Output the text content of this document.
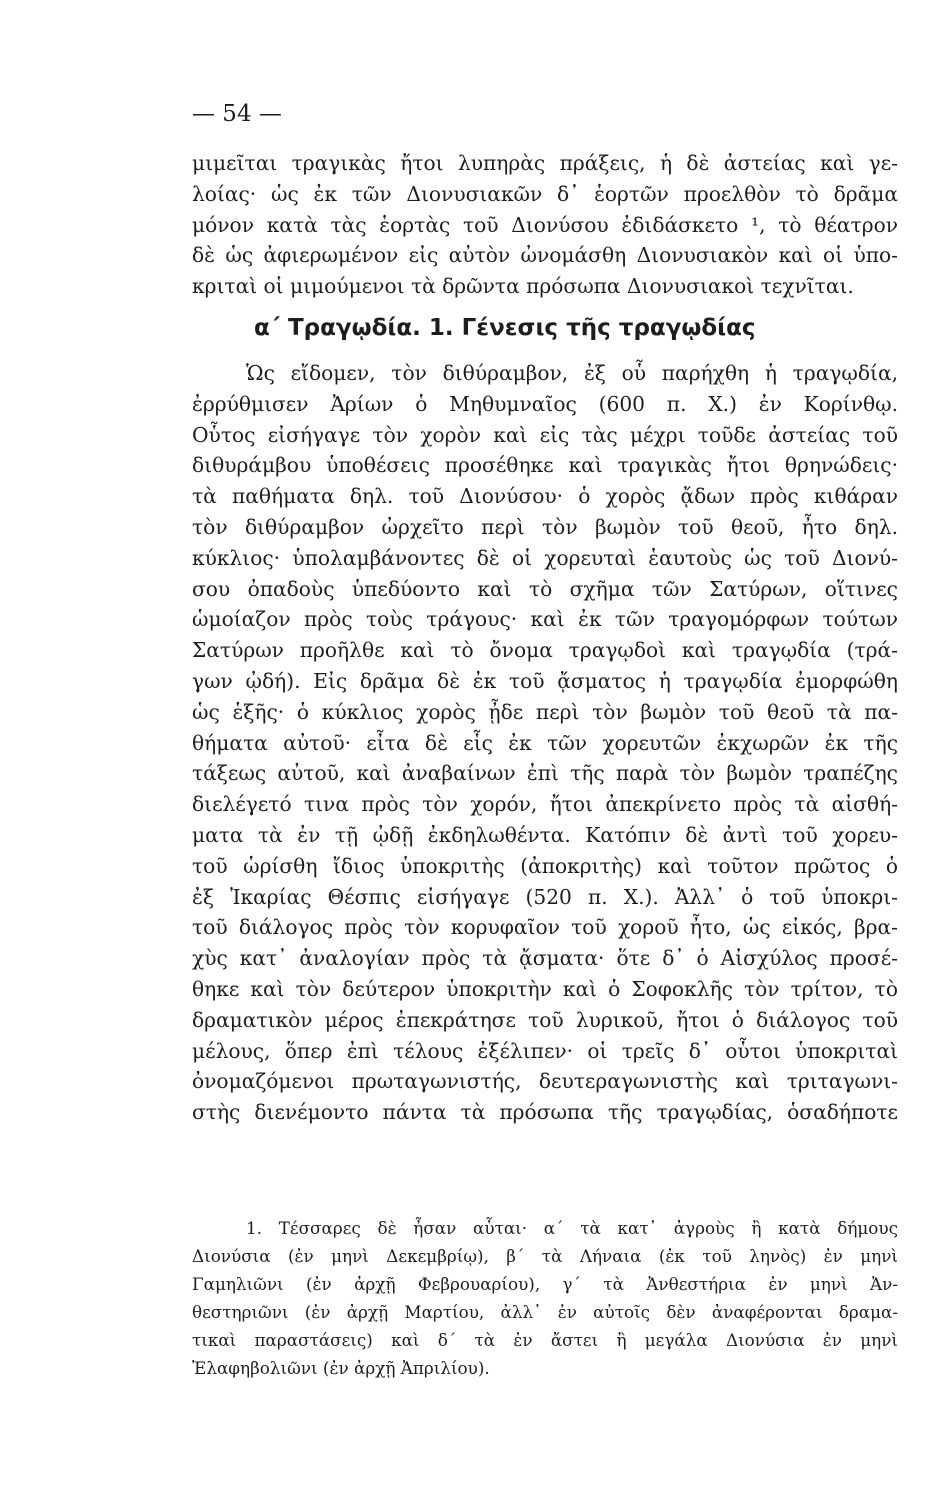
— 54 —
μιμεῖται τραγικὰς ἤτοι λυπηρὰς πράξεις, ἡ δὲ ἀστείας καὶ γε-
λοίας· ὡς ἐκ τῶν Διονυσιακῶν δ᾽ ἑορτῶν προελθὸν τὸ δρᾶμα
μόνον κατὰ τὰς ἑορτὰς τοῦ Διονύσου ἐδιδάσκετο ¹, τὸ θέατρον
δὲ ὡς ἀφιερωμένον εἰς αὐτὸν ὠνομάσθη Διονυσιακὸν καὶ οἱ ὑπο-
κριταὶ οἱ μιμούμενοι τὰ δρῶντα πρόσωπα Διονυσιακοὶ τεχνῖται.
α΄ Τραγῳδία. 1. Γένεσις τῆς τραγῳδίας
Ὡς εἴδομεν, τὸν διθύραμβον, ἐξ οὗ παρήχθη ἡ τραγῳδία,
ἐρρύθμισεν Ἀρίων ὁ Μηθυμναῖος (600 π. Χ.) ἐν Κορίνθῳ.
Οὗτος εἰσήγαγε τὸν χορὸν καὶ εἰς τὰς μέχρι τοῦδε ἀστείας τοῦ
διθυράμβου ὑποθέσεις προσέθηκε καὶ τραγικὰς ἤτοι θρηνώδεις·
τὰ παθήματα δηλ. τοῦ Διονύσου· ὁ χορὸς ᾄδων πρὸς κιθάραν
τὸν διθύραμβον ὠρχεῖτο περὶ τὸν βωμὸν τοῦ θεοῦ, ἦτο δηλ.
κύκλιος· ὑπολαμβάνοντες δὲ οἱ χορευταὶ ἑαυτοὺς ὡς τοῦ Διονύ-
σου ὀπαδοὺς ὑπεδύοντο καὶ τὸ σχῆμα τῶν Σατύρων, οἵτινες
ὡμοίαζον πρὸς τοὺς τράγους· καὶ ἐκ τῶν τραγομόρφων τούτων
Σατύρων προῆλθε καὶ τὸ ὄνομα τραγῳδοὶ καὶ τραγῳδία (τρά-
γων ᾠδή). Εἰς δρᾶμα δὲ ἐκ τοῦ ᾄσματος ἡ τραγῳδία ἐμορφώθη
ὡς ἑξῆς· ὁ κύκλιος χορὸς ᾖδε περὶ τὸν βωμὸν τοῦ θεοῦ τὰ πα-
θήματα αὐτοῦ· εἶτα δὲ εἷς ἐκ τῶν χορευτῶν ἐκχωρῶν ἐκ τῆς
τάξεως αὐτοῦ, καὶ ἀναβαίνων ἐπὶ τῆς παρὰ τὸν βωμὸν τραπέζης
διελέγετό τινα πρὸς τὸν χορόν, ἤτοι ἀπεκρίνετο πρὸς τὰ αἰσθή-
ματα τὰ ἐν τῇ ᾠδῇ ἐκδηλωθέντα. Κατόπιν δὲ ἀντὶ τοῦ χορευ-
τοῦ ὡρίσθη ἴδιος ὑποκριτὴς (ἀποκριτὴς) καὶ τοῦτον πρῶτος ὁ
ἐξ Ἰκαρίας Θέσπις εἰσήγαγε (520 π. Χ.). Ἀλλ᾽ ὁ τοῦ ὑποκρι-
τοῦ διάλογος πρὸς τὸν κορυφαῖον τοῦ χοροῦ ἦτο, ὡς εἰκός, βρα-
χὺς κατ᾽ ἀναλογίαν πρὸς τὰ ᾄσματα· ὅτε δ᾽ ὁ Αἰσχύλος προσέ-
θηκε καὶ τὸν δεύτερον ὑποκριτὴν καὶ ὁ Σοφοκλῆς τὸν τρίτον, τὸ
δραματικὸν μέρος ἐπεκράτησε τοῦ λυρικοῦ, ἤτοι ὁ διάλογος τοῦ
μέλους, ὅπερ ἐπὶ τέλους ἐξέλιπεν· οἱ τρεῖς δ᾽ οὗτοι ὑποκριταὶ
ὀνομαζόμενοι πρωταγωνιστής, δευτεραγωνιστὴς καὶ τριταγωνι-
στὴς διενέμοντο πάντα τὰ πρόσωπα τῆς τραγῳδίας, ὁσαδήποτε
1. Τέσσαρες δὲ ἦσαν αὗται· α΄ τὰ κατ᾽ ἀγροὺς ἢ κατὰ δήμους
Διονύσια (ἐν μηνὶ Δεκεμβρίῳ), β΄ τὰ Λήναια (ἐκ τοῦ ληνὸς) ἐν μηνὶ
Γαμηλιῶνι (ἐν ἀρχῇ Φεβρουαρίου), γ΄ τὰ Ἀνθεστήρια ἐν μηνὶ Ἀν-
θεστηριῶνι (ἐν ἀρχῇ Μαρτίου, ἀλλ᾽ ἐν αὐτοῖς δὲν ἀναφέρονται δραμα-
τικαὶ παραστάσεις) καὶ δ΄ τὰ ἐν ἄστει ἢ μεγάλα Διονύσια ἐν μηνὶ
Ἐλαφηβολιῶνι (ἐν ἀρχῇ Ἀπριλίου).
